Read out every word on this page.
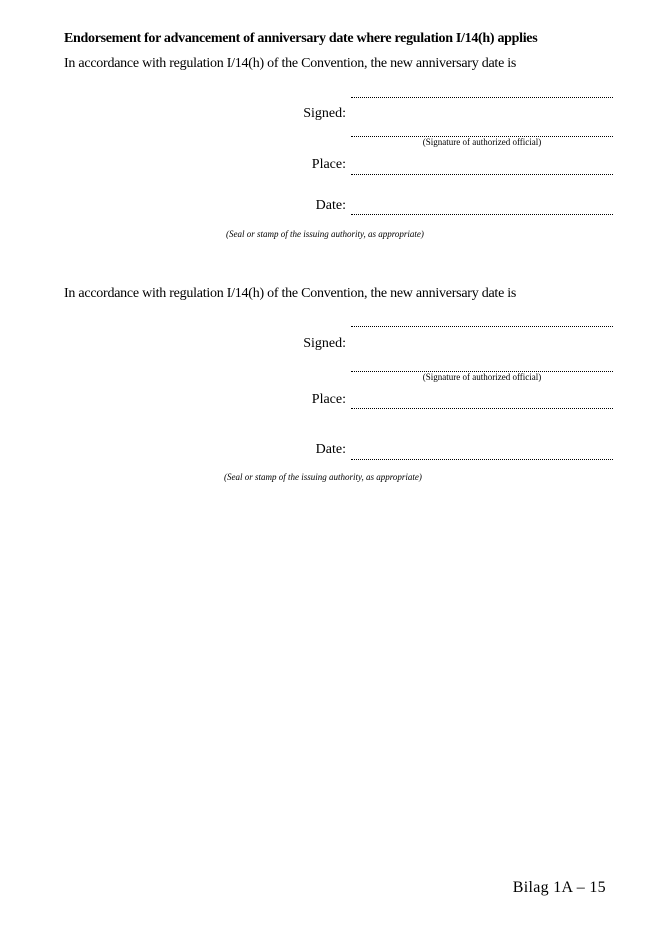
Endorsement for advancement of anniversary date where regulation I/14(h) applies
In accordance with regulation I/14(h) of the Convention, the new anniversary date is
Signed:
(Signature of authorized official)
Place:
Date:
(Seal or stamp of the issuing authority, as appropriate)
In accordance with regulation I/14(h) of the Convention, the new anniversary date is
Signed:
(Signature of authorized official)
Place:
Date:
(Seal or stamp of the issuing authority, as appropriate)
Bilag 1A – 15
